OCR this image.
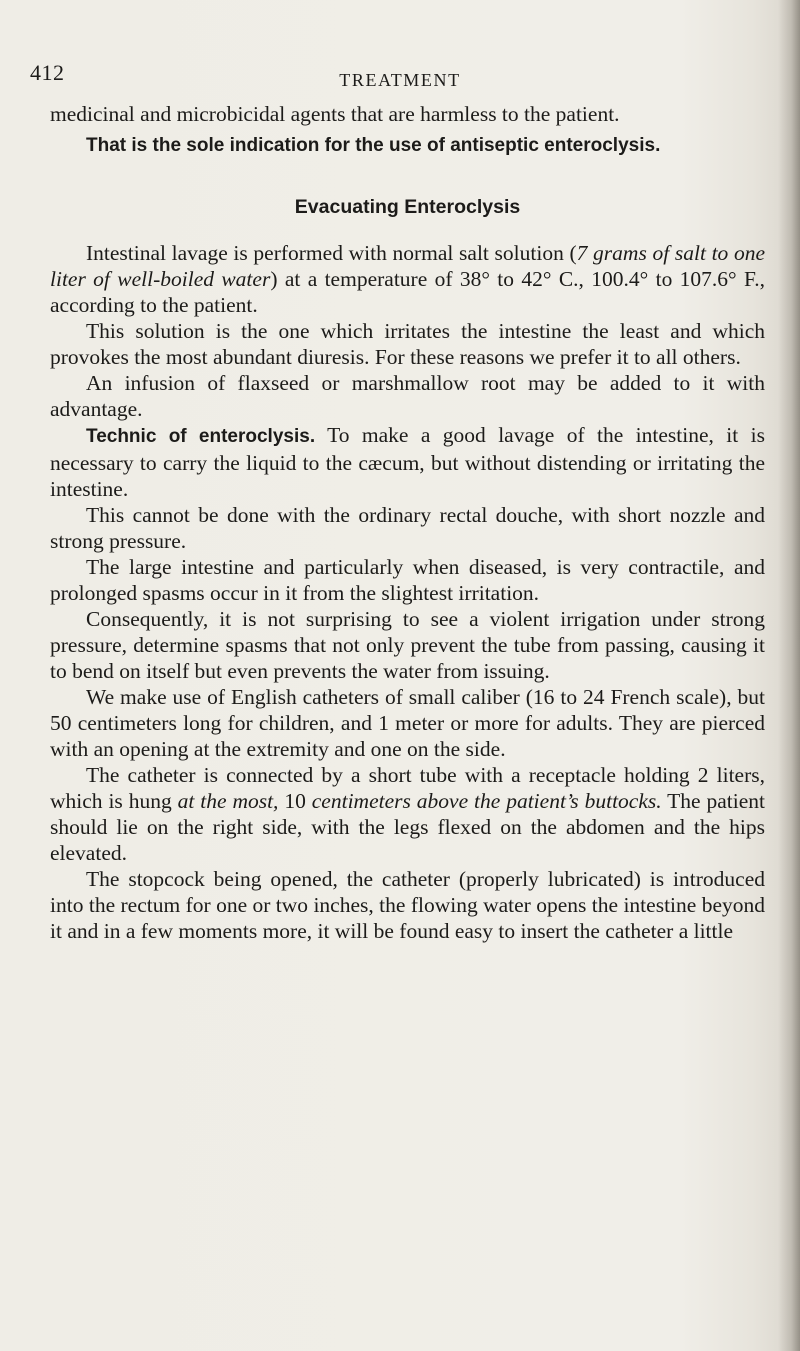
412	TREATMENT

medicinal and microbicidal agents that are harmless to the patient.

That is the sole indication for the use of antiseptic enteroclysis.

Evacuating Enteroclysis

Intestinal lavage is performed with normal salt solution (7 grams of salt to one liter of well-boiled water) at a temperature of 38° to 42° C., 100.4° to 107.6° F., according to the patient.

This solution is the one which irritates the intestine the least and which provokes the most abundant diuresis. For these reasons we prefer it to all others.

An infusion of flaxseed or marshmallow root may be added to it with advantage.

Technic of enteroclysis. To make a good lavage of the intestine, it is necessary to carry the liquid to the cæcum, but without distending or irritating the intestine.

This cannot be done with the ordinary rectal douche, with short nozzle and strong pressure.

The large intestine and particularly when diseased, is very contractile, and prolonged spasms occur in it from the slightest irritation.

Consequently, it is not surprising to see a violent irrigation under strong pressure, determine spasms that not only prevent the tube from passing, causing it to bend on itself but even prevents the water from issuing.

We make use of English catheters of small caliber (16 to 24 French scale), but 50 centimeters long for children, and 1 meter or more for adults. They are pierced with an opening at the extremity and one on the side.

The catheter is connected by a short tube with a receptacle holding 2 liters, which is hung at the most, 10 centimeters above the patient’s buttocks. The patient should lie on the right side, with the legs flexed on the abdomen and the hips elevated.

The stopcock being opened, the catheter (properly lubricated) is introduced into the rectum for one or two inches, the flowing water opens the intestine beyond it and in a few moments more, it will be found easy to insert the catheter a little
